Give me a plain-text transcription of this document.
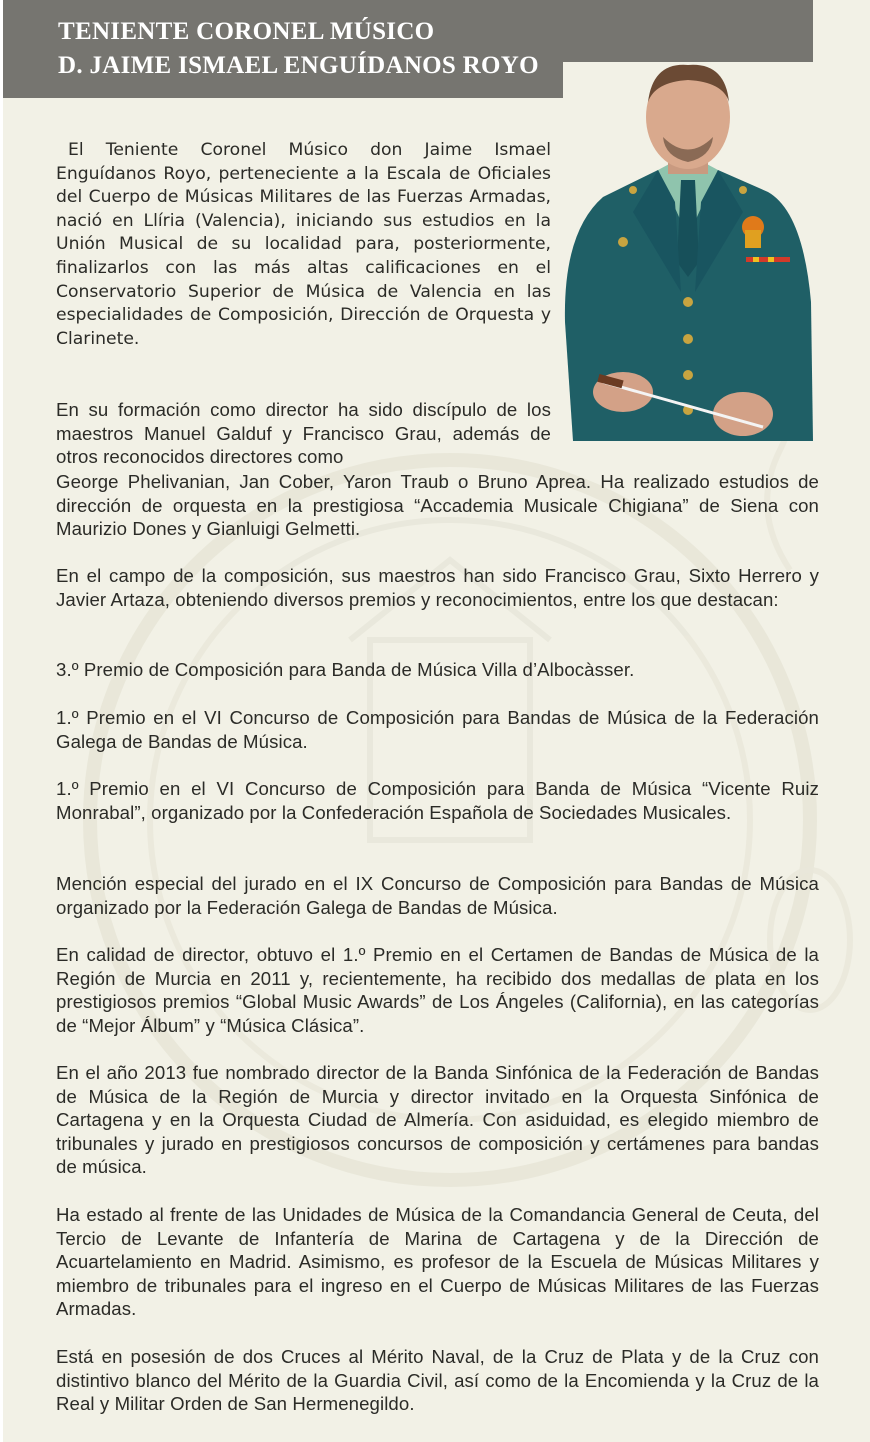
TENIENTE CORONEL MÚSICO
D. JAIME ISMAEL ENGUÍDANOS ROYO

El Teniente Coronel Músico don Jaime Ismael Enguídanos Royo, perteneciente a la Escala de Oficiales del Cuerpo de Músicas Militares de las Fuerzas Armadas, nació en Llíria (Valencia), iniciando sus estudios en la Unión Musical de su localidad para, posteriormente, finalizarlos con las más altas calificaciones en el Conservatorio Superior de Música de Valencia en las especialidades de Composición, Dirección de Orquesta y Clarinete.

En su formación como director ha sido discípulo de los maestros Manuel Galduf y Francisco Grau, además de otros reconocidos directores como

George Phelivanian, Jan Cober, Yaron Traub o Bruno Aprea. Ha realizado estudios de dirección de orquesta en la prestigiosa “Accademia Musicale Chigiana” de Siena con Maurizio Dones y Gianluigi Gelmetti.

En el campo de la composición, sus maestros han sido Francisco Grau, Sixto Herrero y Javier Artaza, obteniendo diversos premios y reconocimientos, entre los que destacan:

3.º Premio de Composición para Banda de Música Villa d’Albocàsser.

1.º Premio en el VI Concurso de Composición para Bandas de Música de la Federación Galega de Bandas de Música.

1.º Premio en el VI Concurso de Composición para Banda de Música “Vicente Ruiz Monrabal”, organizado por la Confederación Española de Sociedades Musicales.

Mención especial del jurado en el IX Concurso de Composición para Bandas de Música organizado por la Federación Galega de Bandas de Música.

En calidad de director, obtuvo el 1.º Premio en el Certamen de Bandas de Música de la Región de Murcia en 2011 y, recientemente, ha recibido dos medallas de plata en los prestigiosos premios “Global Music Awards” de Los Ángeles (California), en las categorías de “Mejor Álbum” y “Música Clásica”.

En el año 2013 fue nombrado director de la Banda Sinfónica de la Federación de Bandas de Música de la Región de Murcia y director invitado en la Orquesta Sinfónica de Cartagena y en la Orquesta Ciudad de Almería. Con asiduidad, es elegido miembro de tribunales y jurado en prestigiosos concursos de composición y certámenes para bandas de música.

Ha estado al frente de las Unidades de Música de la Comandancia General de Ceuta, del Tercio de Levante de Infantería de Marina de Cartagena y de la Dirección de Acuartelamiento en Madrid. Asimismo, es profesor de la Escuela de Músicas Militares y miembro de tribunales para el ingreso en el Cuerpo de Músicas Militares de las Fuerzas Armadas.

Está en posesión de dos Cruces al Mérito Naval, de la Cruz de Plata y de la Cruz con distintivo blanco del Mérito de la Guardia Civil, así como de la Encomienda y la Cruz de la Real y Militar Orden de San Hermenegildo.
